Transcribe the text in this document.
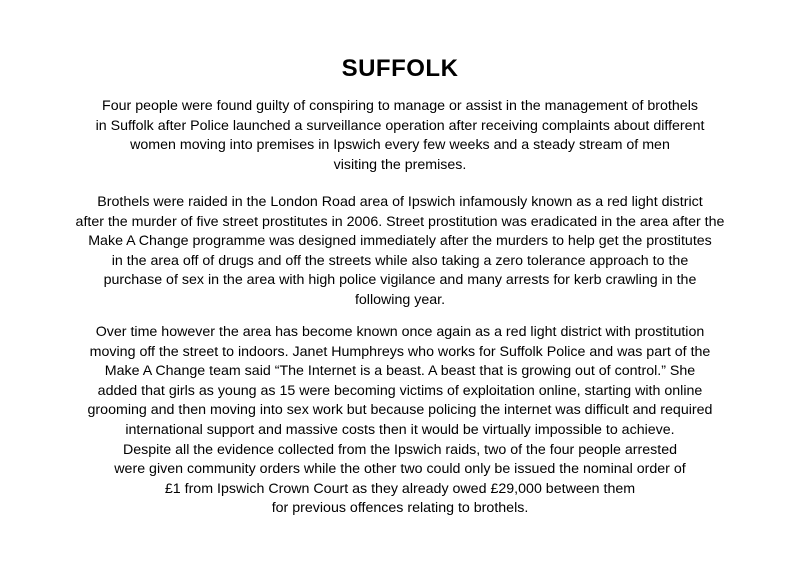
SUFFOLK

Four people were found guilty of conspiring to manage or assist in the management of brothels
in Suffolk after Police launched a surveillance operation after receiving complaints about different
women moving into premises in Ipswich every few weeks and a steady stream of men
visiting the premises.

Brothels were raided in the London Road area of Ipswich infamously known as a red light district
after the murder of five street prostitutes in 2006. Street prostitution was eradicated in the area after the
Make A Change programme was designed immediately after the murders to help get the prostitutes
in the area off of drugs and off the streets while also taking a zero tolerance approach to the
purchase of sex in the area with high police vigilance and many arrests for kerb crawling in the
following year.

Over time however the area has become known once again as a red light district with prostitution
moving off the street to indoors. Janet Humphreys who works for Suffolk Police and was part of the
Make A Change team said “The Internet is a beast. A beast that is growing out of control.” She
added that girls as young as 15 were becoming victims of exploitation online, starting with online
grooming and then moving into sex work but because policing the internet was difficult and required
international support and massive costs then it would be virtually impossible to achieve.
Despite all the evidence collected from the Ipswich raids, two of the four people arrested
were given community orders while the other two could only be issued the nominal order of
£1 from Ipswich Crown Court as they already owed £29,000 between them
for previous offences relating to brothels.
